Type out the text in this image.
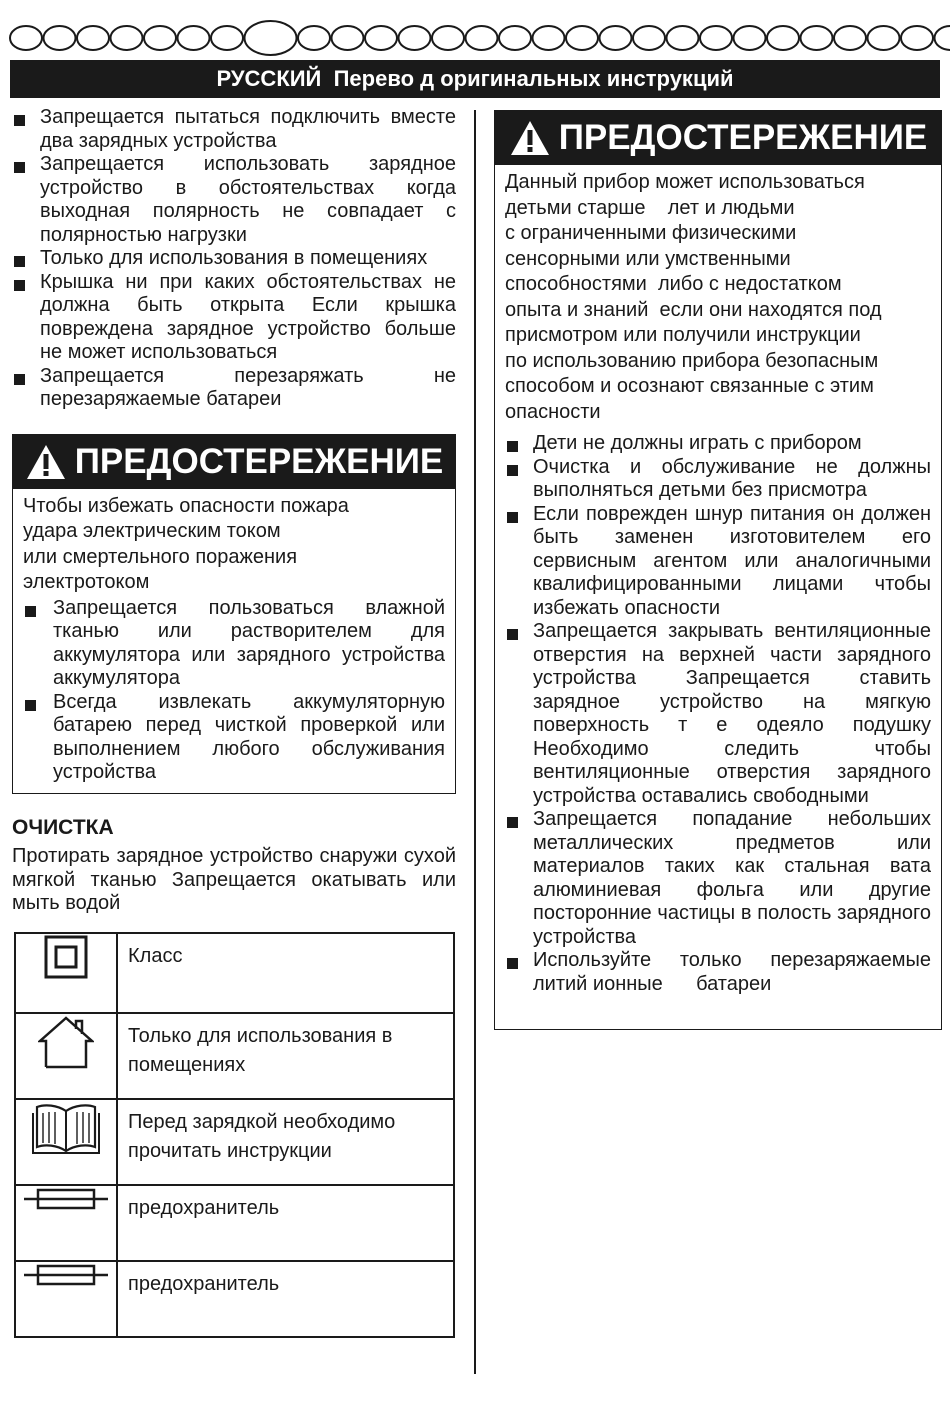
РУССКИЙ Перево д оригинальных инструкций
Запрещается пытаться подключить вместе два зарядных устройства
Запрещается использовать зарядное устройство в обстоятельствах когда выходная полярность не совпадает с полярностью нагрузки
Только для использования в помещениях
Крышка ни при каких обстоятельствах не должна быть открыта Если крышка повреждена зарядное устройство больше не может использоваться
Запрещается перезаряжать не перезаряжаемые батареи
ПРЕДОСТЕРЕЖЕНИЕ

Чтобы избежать опасности пожара

удара электрическим током

или смертельного поражения

электротоком

Запрещается пользоваться влажной тканью или растворителем для аккумулятора или зарядного устройства аккумулятора
Всегда извлекать аккумуляторную батарею перед чисткой проверкой или выполнением любого обслуживания устройства
ОЧИСТКА

Протирать зарядное устройство снаружи сухой мягкой тканью Запрещается окатывать или мыть водой

	Класс
	Только для использования в помещениях
	Перед зарядкой необходимо прочитать инструкции
	предохранитель
	предохранитель
ПРЕДОСТЕРЕЖЕНИЕ

Данный прибор может использоваться

детьми старше    лет и людьми

с ограниченными физическими

сенсорными или умственными

способностями  либо с недостатком

опыта и знаний  если они находятся под

присмотром или получили инструкции

по использованию прибора безопасным

способом и осознают связанные с этим

опасности

Дети не должны играть с прибором
Очистка и обслуживание не должны выполняться детьми без присмотра
Если поврежден шнур питания он должен быть заменен изготовителем его сервисным агентом или аналогичными квалифицированными лицами чтобы избежать опасности
Запрещается закрывать вентиляционные отверстия на верхней части зарядного устройства Запрещается ставить зарядное устройство на мягкую поверхность т е одеяло подушку Необходимо следить чтобы вентиляционные отверстия зарядного устройства оставались свободными
Запрещается попадание небольших металлических предметов или материалов таких как стальная вата алюминиевая фольга или другие посторонние частицы в полость зарядного устройства
Используйте только перезаряжаемые литий ионные      батареи
